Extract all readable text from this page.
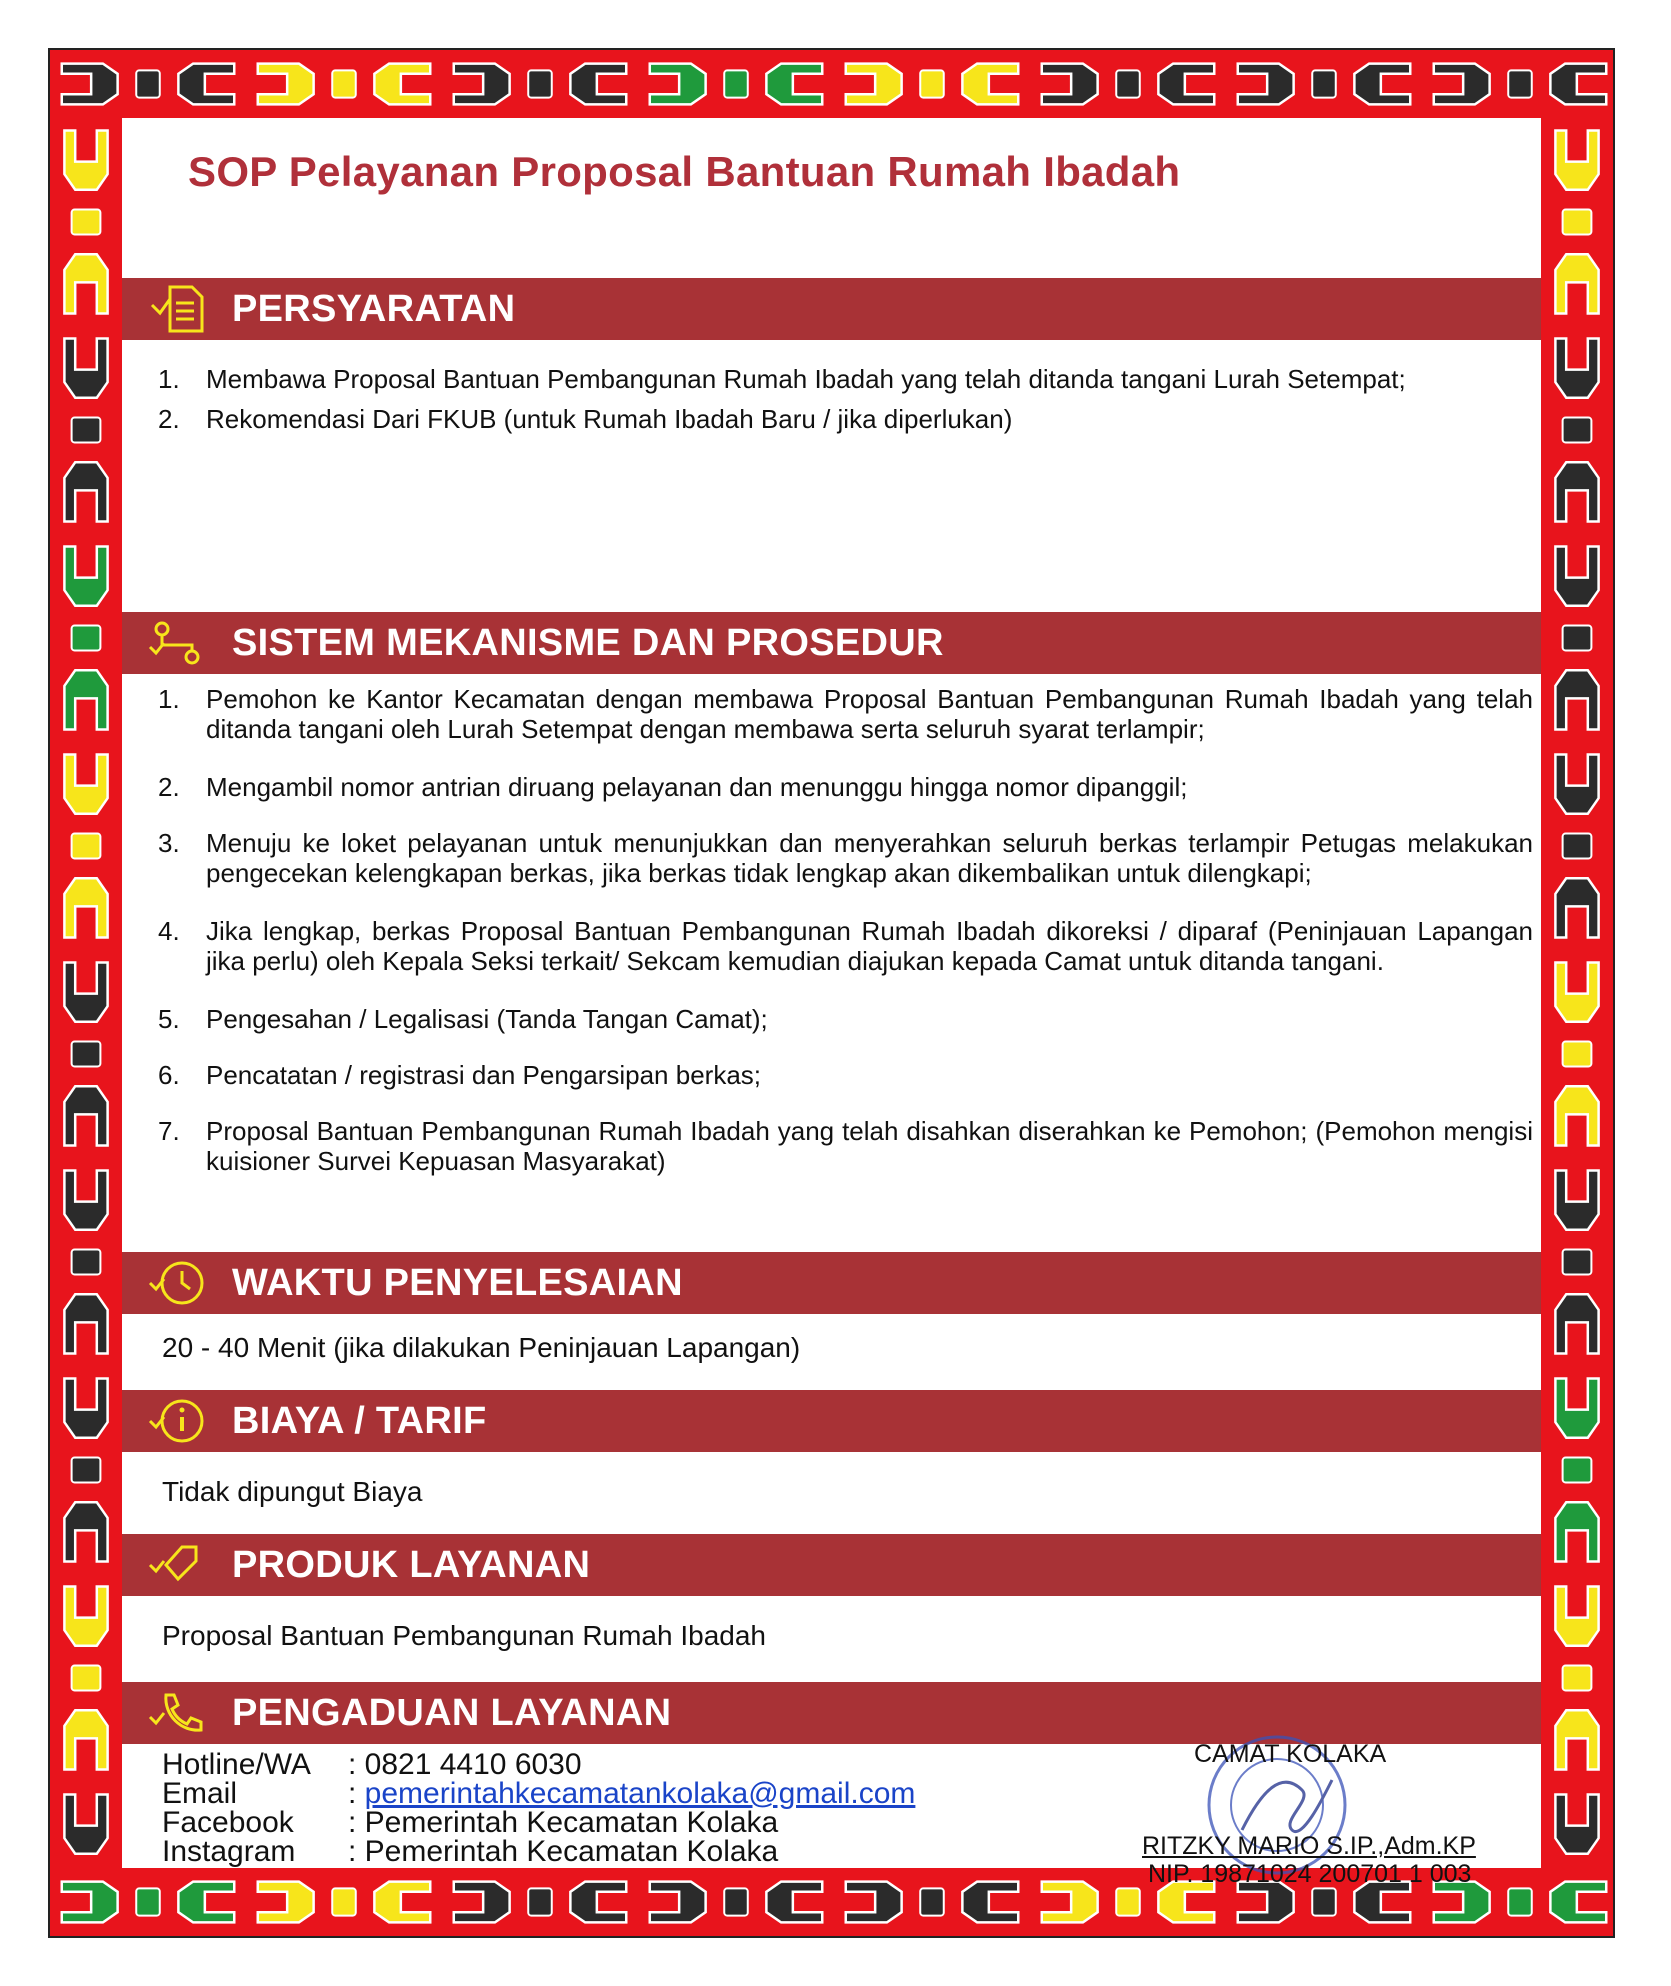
SOP Pelayanan Proposal Bantuan Rumah Ibadah
PERSYARATAN
1.	Membawa Proposal Bantuan Pembangunan Rumah Ibadah yang telah ditanda tangani Lurah Setempat;
2.	Rekomendasi Dari FKUB (untuk Rumah Ibadah Baru / jika diperlukan)
SISTEM MEKANISME DAN PROSEDUR
1.	Pemohon ke Kantor Kecamatan dengan membawa Proposal Bantuan Pembangunan Rumah Ibadah yang telah ditanda tangani oleh Lurah Setempat dengan membawa serta seluruh syarat terlampir;
2.	Mengambil nomor antrian diruang pelayanan dan menunggu hingga nomor dipanggil;
3.	Menuju ke loket pelayanan untuk menunjukkan dan menyerahkan seluruh berkas terlampir Petugas melakukan pengecekan kelengkapan berkas, jika berkas tidak lengkap akan dikembalikan untuk dilengkapi;
4.	Jika lengkap, berkas Proposal Bantuan Pembangunan Rumah Ibadah dikoreksi / diparaf (Peninjauan Lapangan jika perlu) oleh Kepala Seksi terkait/ Sekcam kemudian diajukan kepada Camat untuk ditanda tangani.
5.	Pengesahan / Legalisasi (Tanda Tangan Camat);
6.	Pencatatan / registrasi dan Pengarsipan berkas;
7.	Proposal Bantuan Pembangunan Rumah Ibadah yang telah disahkan diserahkan ke Pemohon; (Pemohon mengisi kuisioner Survei Kepuasan Masyarakat)
WAKTU PENYELESAIAN

20 - 40 Menit (jika dilakukan Peninjauan Lapangan)

BIAYA / TARIF

Tidak dipungut Biaya

PRODUK LAYANAN

Proposal Bantuan Pembangunan Rumah Ibadah

PENGADUAN LAYANAN
Hotline/WA	: 0821 4410 6030
Email	: pemerintahkecamatankolaka@gmail.com
Facebook	: Pemerintah Kecamatan Kolaka
Instagram	: Pemerintah Kecamatan Kolaka
CAMAT KOLAKA
RITZKY MARIO S.IP.,Adm.KP
NIP. 19871024 200701 1 003
